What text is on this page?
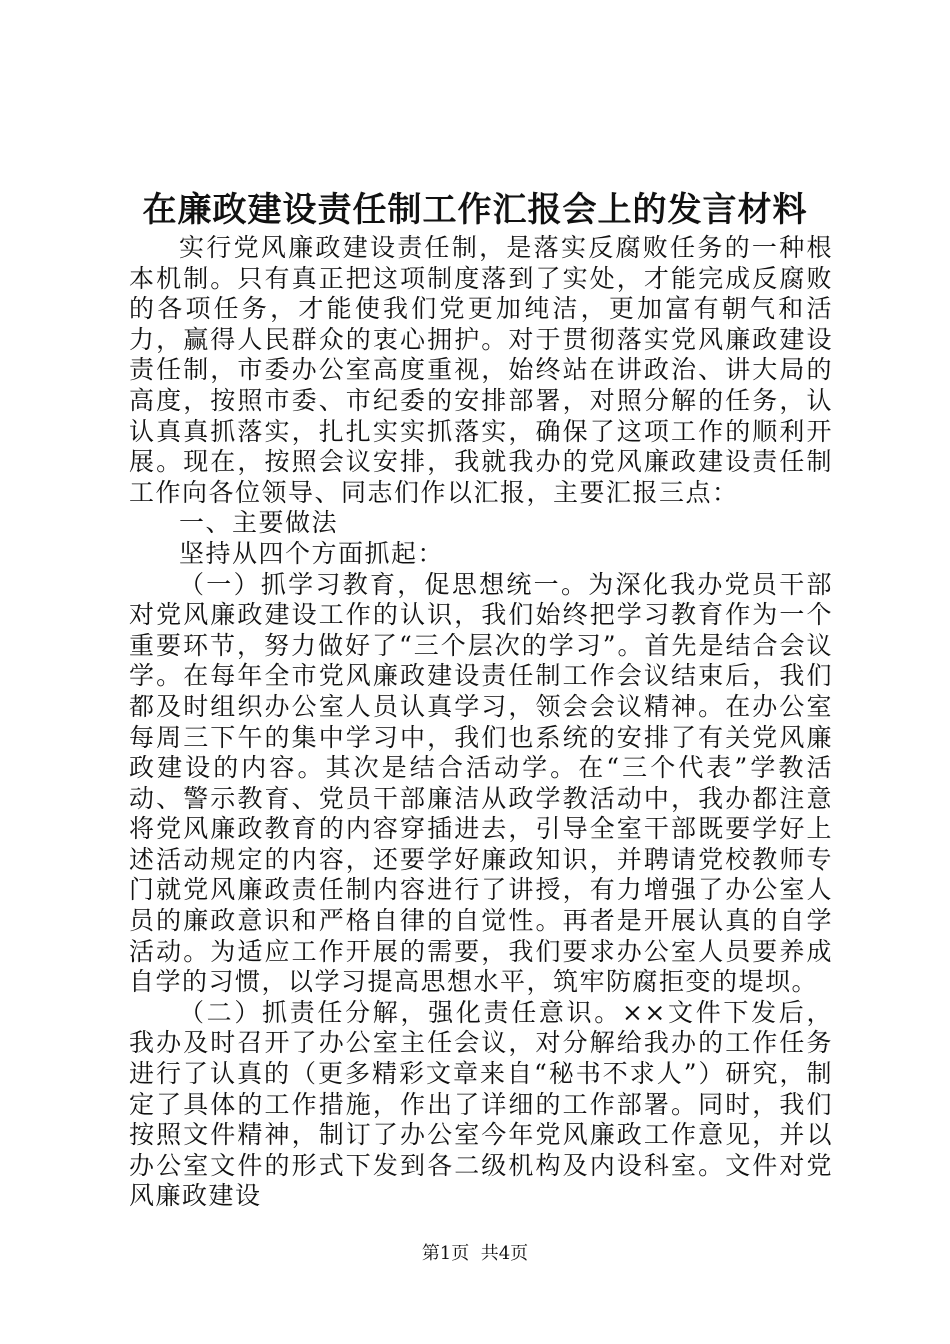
在廉政建设责任制工作汇报会上的发言材料

实行党风廉政建设责任制，是落实反腐败任务的一种根本机制。只有真正把这项制度落到了实处，才能完成反腐败的各项任务，才能使我们党更加纯洁，更加富有朝气和活力，赢得人民群众的衷心拥护。对于贯彻落实党风廉政建设责任制，市委办公室高度重视，始终站在讲政治、讲大局的高度，按照市委、市纪委的安排部署，对照分解的任务，认认真真抓落实，扎扎实实抓落实，确保了这项工作的顺利开展。现在，按照会议安排，我就我办的党风廉政建设责任制工作向各位领导、同志们作以汇报，主要汇报三点：

一、主要做法

坚持从四个方面抓起：

（一）抓学习教育，促思想统一。为深化我办党员干部对党风廉政建设工作的认识，我们始终把学习教育作为一个重要环节，努力做好了“三个层次的学习”。首先是结合会议学。在每年全市党风廉政建设责任制工作会议结束后，我们都及时组织办公室人员认真学习，领会会议精神。在办公室每周三下午的集中学习中，我们也系统的安排了有关党风廉政建设的内容。其次是结合活动学。在“三个代表”学教活动、警示教育、党员干部廉洁从政学教活动中，我办都注意将党风廉政教育的内容穿插进去，引导全室干部既要学好上述活动规定的内容，还要学好廉政知识，并聘请党校教师专门就党风廉政责任制内容进行了讲授，有力增强了办公室人员的廉政意识和严格自律的自觉性。再者是开展认真的自学活动。为适应工作开展的需要，我们要求办公室人员要养成自学的习惯，以学习提高思想水平，筑牢防腐拒变的堤坝。

（二）抓责任分解，强化责任意识。××文件下发后，我办及时召开了办公室主任会议，对分解给我办的工作任务进行了认真的（更多精彩文章来自“秘书不求人”）研究，制定了具体的工作措施，作出了详细的工作部署。同时，我们按照文件精神，制订了办公室今年党风廉政工作意见，并以办公室文件的形式下发到各二级机构及内设科室。文件对党风廉政建设

第1页  共4页
